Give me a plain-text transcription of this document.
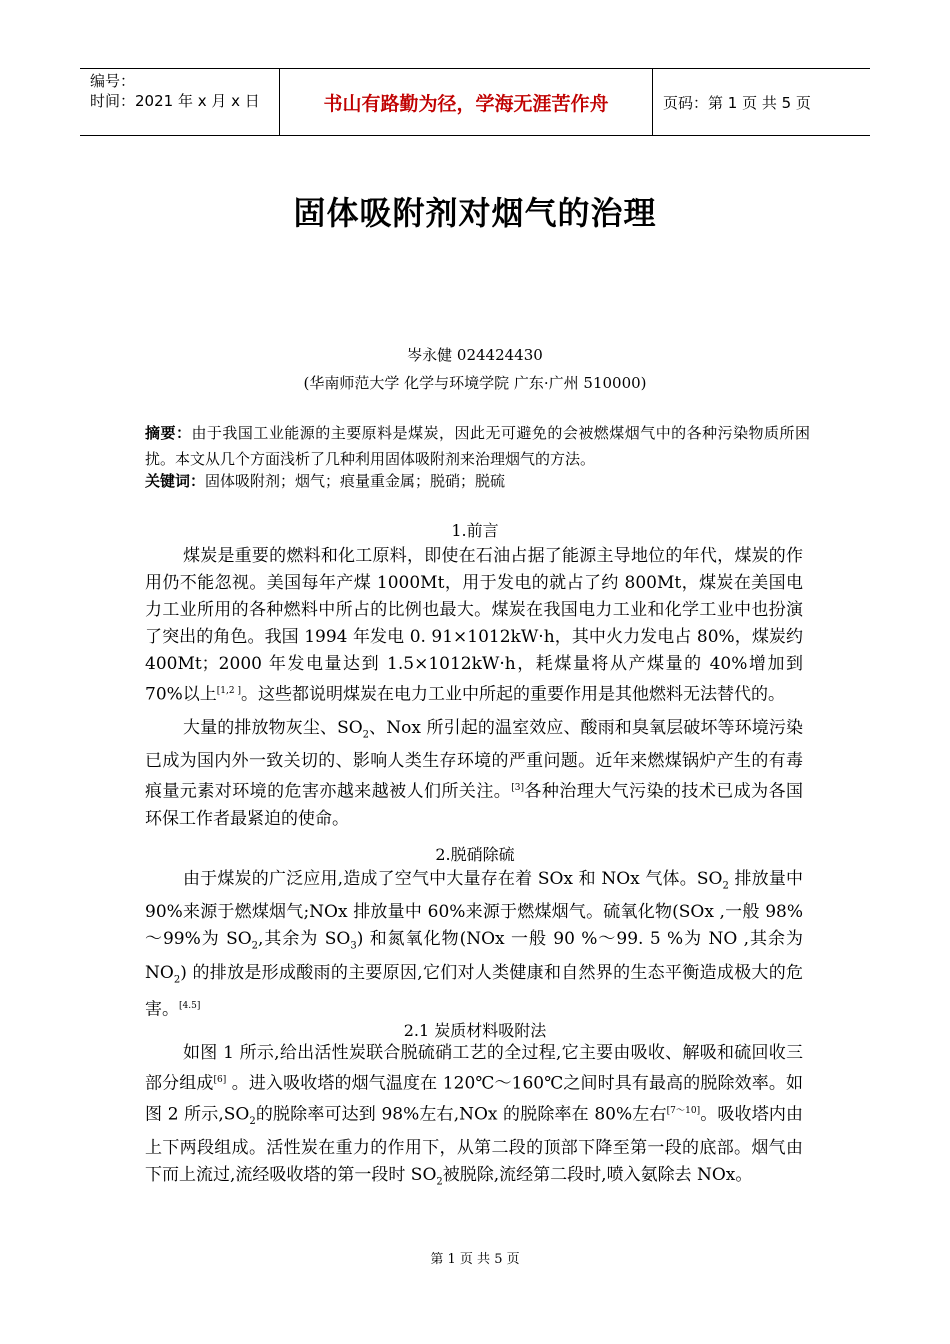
编号：
时间：2021 年 x 月 x 日	书山有路勤为径，学海无涯苦作舟	页码：第 1 页 共 5 页
固体吸附剂对烟气的治理
岑永健 024424430
(华南师范大学 化学与环境学院 广东·广州 510000)
摘要：由于我国工业能源的主要原料是煤炭，因此无可避免的会被燃煤烟气中的各种污染物质所困扰。本文从几个方面浅析了几种利用固体吸附剂来治理烟气的方法。
关键词：固体吸附剂；烟气；痕量重金属；脱硝；脱硫
1.前言
煤炭是重要的燃料和化工原料，即使在石油占据了能源主导地位的年代，煤炭的作用仍不能忽视。美国每年产煤 1000Mt，用于发电的就占了约 800Mt，煤炭在美国电力工业所用的各种燃料中所占的比例也最大。煤炭在我国电力工业和化学工业中也扮演了突出的角色。我国 1994 年发电 0. 91×1012kW·h，其中火力发电占 80%，煤炭约 400Mt；2000 年发电量达到 1.5×1012kW·h，耗煤量将从产煤量的 40%增加到 70%以上[1,2 ]。这些都说明煤炭在电力工业中所起的重要作用是其他燃料无法替代的。
大量的排放物灰尘、$SO_2$、Nox 所引起的温室效应、酸雨和臭氧层破坏等环境污染已成为国内外一致关切的、影响人类生存环境的严重问题。近年来燃煤锅炉产生的有毒痕量元素对环境的危害亦越来越被人们所关注。[3]各种治理大气污染的技术已成为各国环保工作者最紧迫的使命。
2.脱硝除硫
由于煤炭的广泛应用,造成了空气中大量存在着 SOx 和 NOx 气体。$SO_2$ 排放量中 90%来源于燃煤烟气;NOx 排放量中 60%来源于燃煤烟气。硫氧化物(SOx ,一般 98%～99%为 $SO_2$,其余为 $SO_3$) 和氮氧化物(NOx 一般 90 %～99. 5 %为 NO ,其余为 $NO_2$) 的排放是形成酸雨的主要原因,它们对人类健康和自然界的生态平衡造成极大的危害。[4.5]
2.1 炭质材料吸附法
如图 1 所示,给出活性炭联合脱硫硝工艺的全过程,它主要由吸收、解吸和硫回收三部分组成[6] 。进入吸收塔的烟气温度在 120℃～160℃之间时具有最高的脱除效率。如图 2 所示$,SO_2$的脱除率可达到 98%左右,NOx 的脱除率在 80%左右[7～10]。吸收塔内由上下两段组成。活性炭在重力的作用下，从第二段的顶部下降至第一段的底部。烟气由下而上流过,流经吸收塔的第一段时 $SO_2$被脱除,流经第二段时,喷入氨除去 NOx。
第 1 页 共 5 页
